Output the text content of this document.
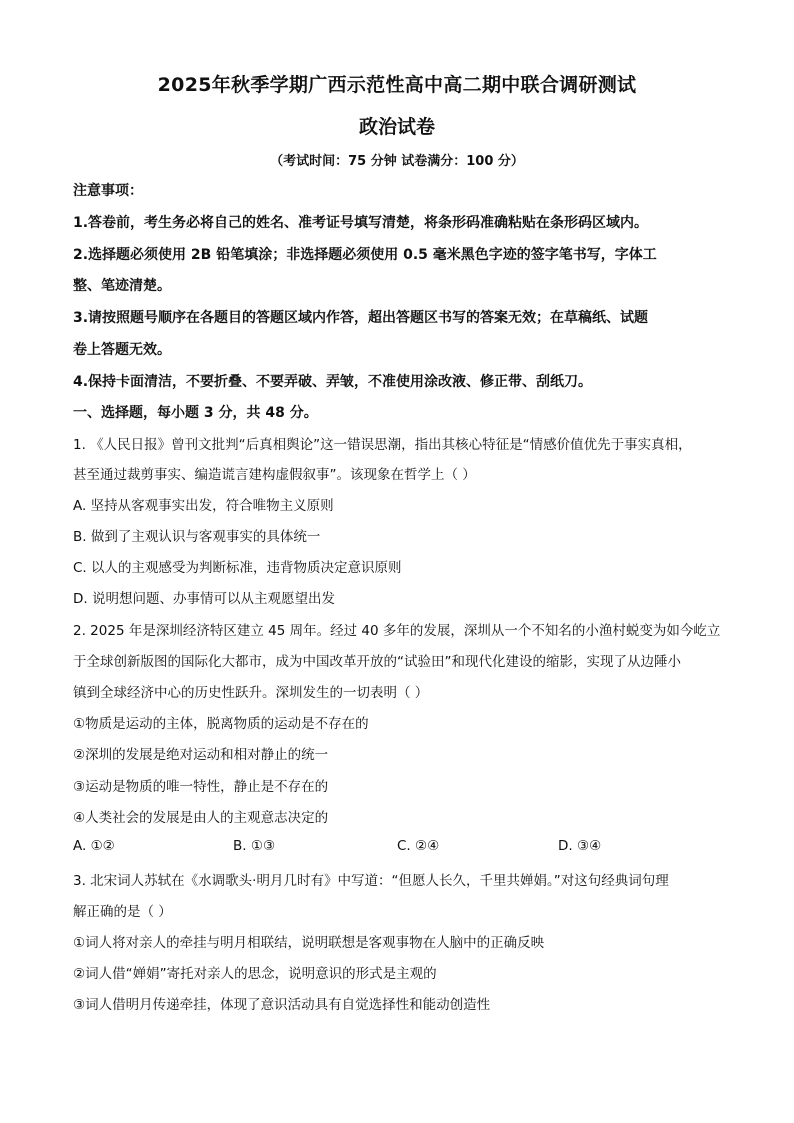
2025年秋季学期广西示范性高中高二期中联合调研测试
政治试卷
（考试时间：75 分钟 试卷满分：100 分）
注意事项：
1.答卷前，考生务必将自己的姓名、准考证号填写清楚，将条形码准确粘贴在条形码区域内。
2.选择题必须使用 2B 铅笔填涂；非选择题必须使用 0.5 毫米黑色字迹的签字笔书写，字体工
整、笔迹清楚。
3.请按照题号顺序在各题目的答题区域内作答，超出答题区书写的答案无效；在草稿纸、试题
卷上答题无效。
4.保持卡面清洁，不要折叠、不要弄破、弄皱，不准使用涂改液、修正带、刮纸刀。
一、选择题，每小题 3 分，共 48 分。
1. 《人民日报》曾刊文批判“后真相舆论”这一错误思潮，指出其核心特征是“情感价值优先于事实真相，
甚至通过裁剪事实、编造谎言建构虚假叙事”。该现象在哲学上（ ）
A. 坚持从客观事实出发，符合唯物主义原则
B. 做到了主观认识与客观事实的具体统一
C. 以人的主观感受为判断标准，违背物质决定意识原则
D. 说明想问题、办事情可以从主观愿望出发
2. 2025 年是深圳经济特区建立 45 周年。经过 40 多年的发展，深圳从一个不知名的小渔村蜕变为如今屹立
于全球创新版图的国际化大都市，成为中国改革开放的“试验田”和现代化建设的缩影，实现了从边陲小
镇到全球经济中心的历史性跃升。深圳发生的一切表明（ ）
①物质是运动的主体，脱离物质的运动是不存在的
②深圳的发展是绝对运动和相对静止的统一
③运动是物质的唯一特性，静止是不存在的
④人类社会的发展是由人的主观意志决定的
A. ①②	B. ①③	C. ②④	D. ③④
3. 北宋词人苏轼在《水调歌头·明月几时有》中写道：“但愿人长久，千里共婵娟。”对这句经典词句理
解正确的是（ ）
①词人将对亲人的牵挂与明月相联结，说明联想是客观事物在人脑中的正确反映
②词人借“婵娟”寄托对亲人的思念，说明意识的形式是主观的
③词人借明月传递牵挂，体现了意识活动具有自觉选择性和能动创造性
